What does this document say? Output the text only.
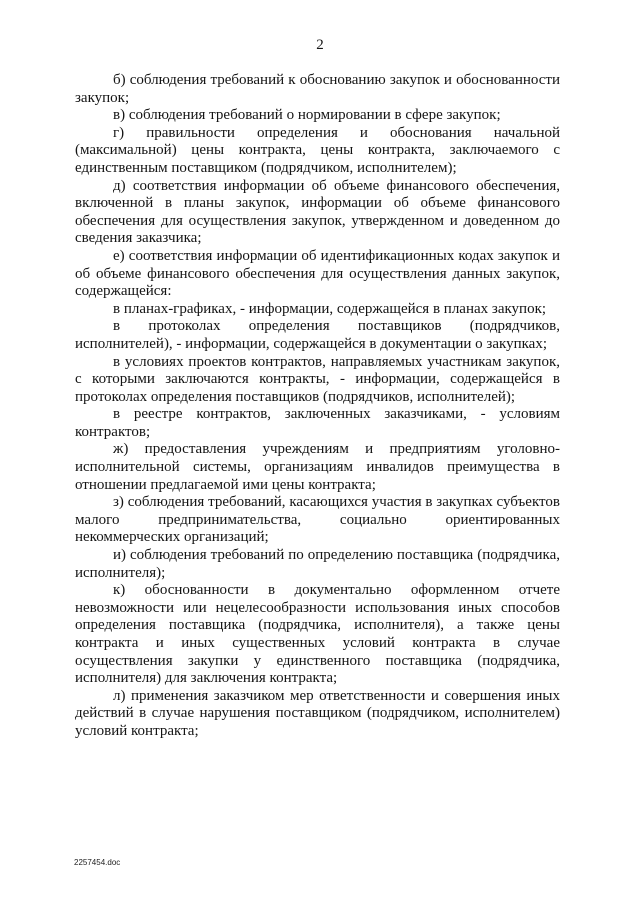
2

б) соблюдения требований к обоснованию закупок и обоснованности закупок;

в) соблюдения требований о нормировании в сфере закупок;

г) правильности определения и обоснования начальной (максимальной) цены контракта, цены контракта, заключаемого с единственным поставщиком (подрядчиком, исполнителем);

д) соответствия информации об объеме финансового обеспечения, включенной в планы закупок, информации об объеме финансового обеспечения для осуществления закупок, утвержденном и доведенном до сведения заказчика;

е) соответствия информации об идентификационных кодах закупок и об объеме финансового обеспечения для осуществления данных закупок, содержащейся:

в планах-графиках, - информации, содержащейся в планах закупок;

в протоколах определения поставщиков (подрядчиков, исполнителей), - информации, содержащейся в документации о закупках;

в условиях проектов контрактов, направляемых участникам закупок, с которыми заключаются контракты, - информации, содержащейся в протоколах определения поставщиков (подрядчиков, исполнителей);

в реестре контрактов, заключенных заказчиками, - условиям контрактов;

ж) предоставления учреждениям и предприятиям уголовно-исполнительной системы, организациям инвалидов преимущества в отношении предлагаемой ими цены контракта;

з) соблюдения требований, касающихся участия в закупках субъектов малого предпринимательства, социально ориентированных некоммерческих организаций;

и) соблюдения требований по определению поставщика (подрядчика, исполнителя);

к) обоснованности в документально оформленном отчете невозможности или нецелесообразности использования иных способов определения поставщика (подрядчика, исполнителя), а также цены контракта и иных существенных условий контракта в случае осуществления закупки у единственного поставщика (подрядчика, исполнителя) для заключения контракта;

л) применения заказчиком мер ответственности и совершения иных действий в случае нарушения поставщиком (подрядчиком, исполнителем) условий контракта;

2257454.doc
